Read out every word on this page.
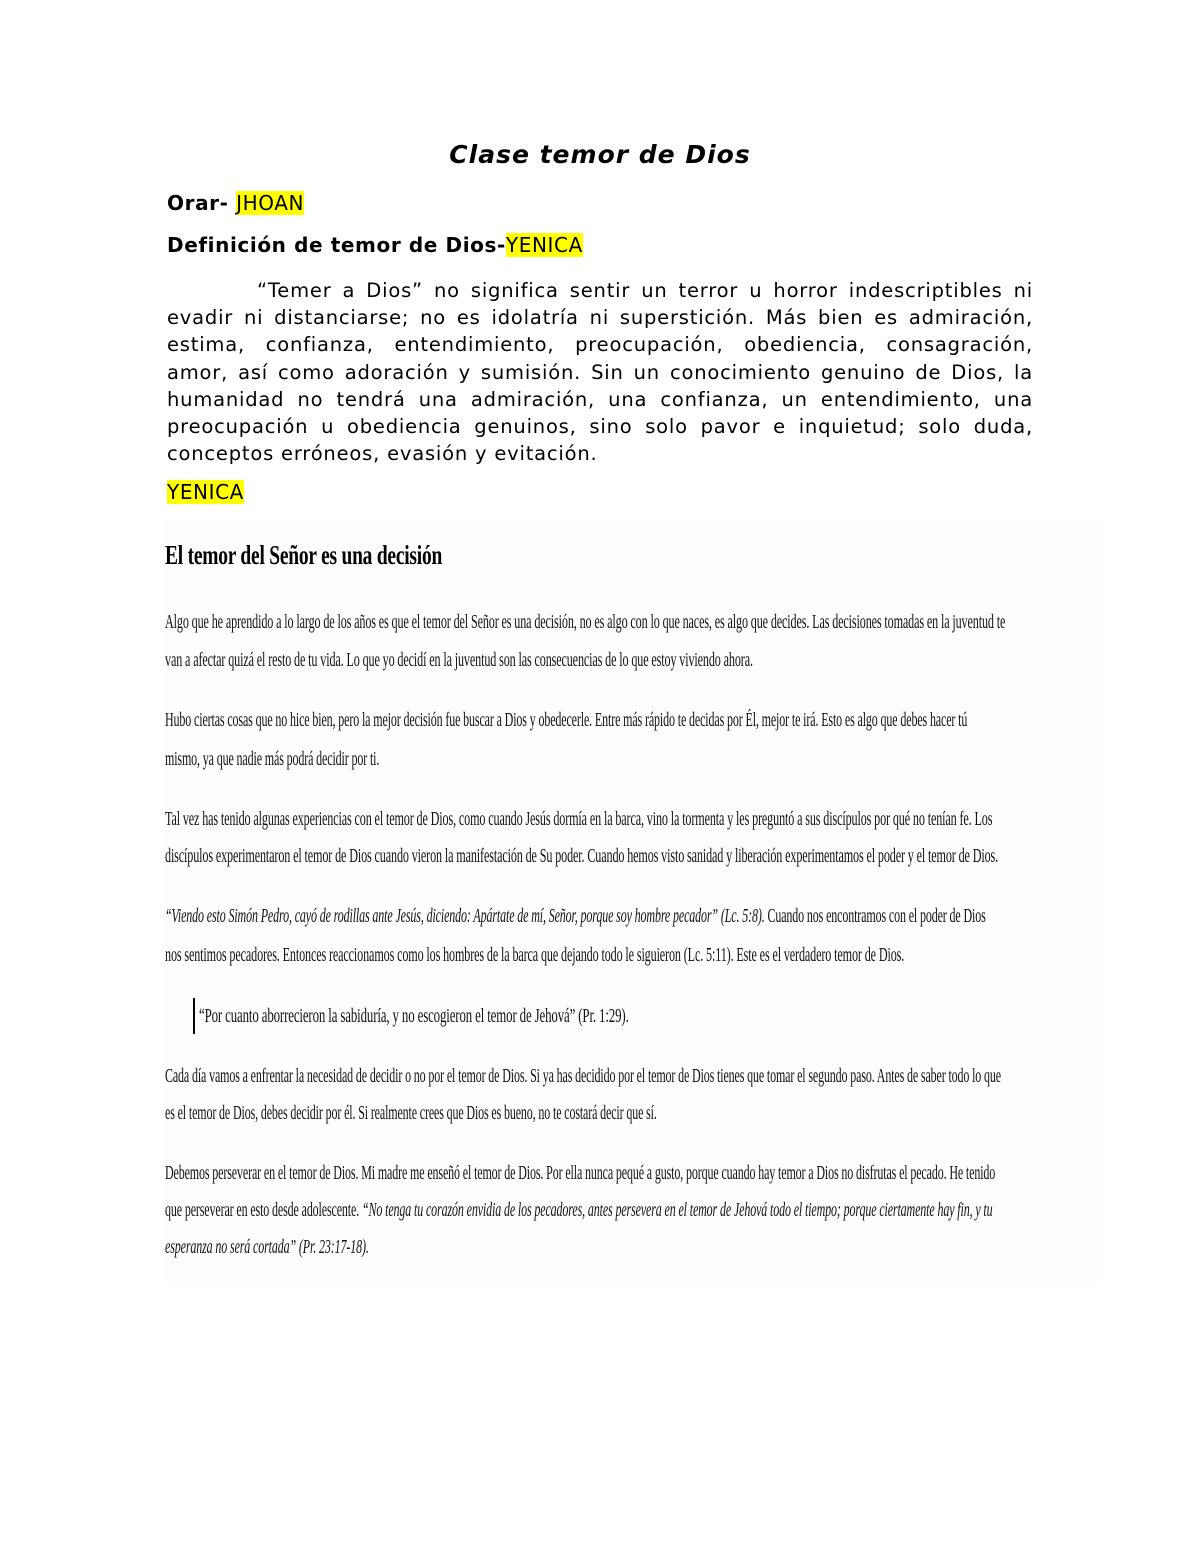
Clase temor de Dios
Orar- JHOAN
Definición de temor de Dios-YENICA
“Temer a Dios” no significa sentir un terror u horror indescriptibles ni
evadir ni distanciarse; no es idolatría ni superstición. Más bien es admiración,
estima, confianza, entendimiento, preocupación, obediencia, consagración,
amor, así como adoración y sumisión. Sin un conocimiento genuino de Dios, la
humanidad no tendrá una admiración, una confianza, un entendimiento, una
preocupación u obediencia genuinos, sino solo pavor e inquietud; solo duda,
conceptos erróneos, evasión y evitación.
YENICA
El temor del Señor es una decisión
Algo que he aprendido a lo largo de los años es que el temor del Señor es una decisión, no es algo con lo que naces, es algo que decides. Las decisiones tomadas en la juventud te
van a afectar quizá el resto de tu vida. Lo que yo decidí en la juventud son las consecuencias de lo que estoy viviendo ahora.
Hubo ciertas cosas que no hice bien, pero la mejor decisión fue buscar a Dios y obedecerle. Entre más rápido te decidas por Él, mejor te irá. Esto es algo que debes hacer tú
mismo, ya que nadie más podrá decidir por ti.
Tal vez has tenido algunas experiencias con el temor de Dios, como cuando Jesús dormía en la barca, vino la tormenta y les preguntó a sus discípulos por qué no tenían fe. Los
discípulos experimentaron el temor de Dios cuando vieron la manifestación de Su poder. Cuando hemos visto sanidad y liberación experimentamos el poder y el temor de Dios.
“Viendo esto Simón Pedro, cayó de rodillas ante Jesús, diciendo: Apártate de mí, Señor, porque soy hombre pecador” (Lc. 5:8). Cuando nos encontramos con el poder de Dios
nos sentimos pecadores. Entonces reaccionamos como los hombres de la barca que dejando todo le siguieron (Lc. 5:11). Este es el verdadero temor de Dios.
“Por cuanto aborrecieron la sabiduría, y no escogieron el temor de Jehová” (Pr. 1:29).
Cada día vamos a enfrentar la necesidad de decidir o no por el temor de Dios. Si ya has decidido por el temor de Dios tienes que tomar el segundo paso. Antes de saber todo lo que
es el temor de Dios, debes decidir por él. Si realmente crees que Dios es bueno, no te costará decir que sí.
Debemos perseverar en el temor de Dios. Mi madre me enseñó el temor de Dios. Por ella nunca pequé a gusto, porque cuando hay temor a Dios no disfrutas el pecado. He tenido
que perseverar en esto desde adolescente. “No tenga tu corazón envidia de los pecadores, antes persevera en el temor de Jehová todo el tiempo; porque ciertamente hay fin, y tu
esperanza no será cortada” (Pr. 23:17-18).
